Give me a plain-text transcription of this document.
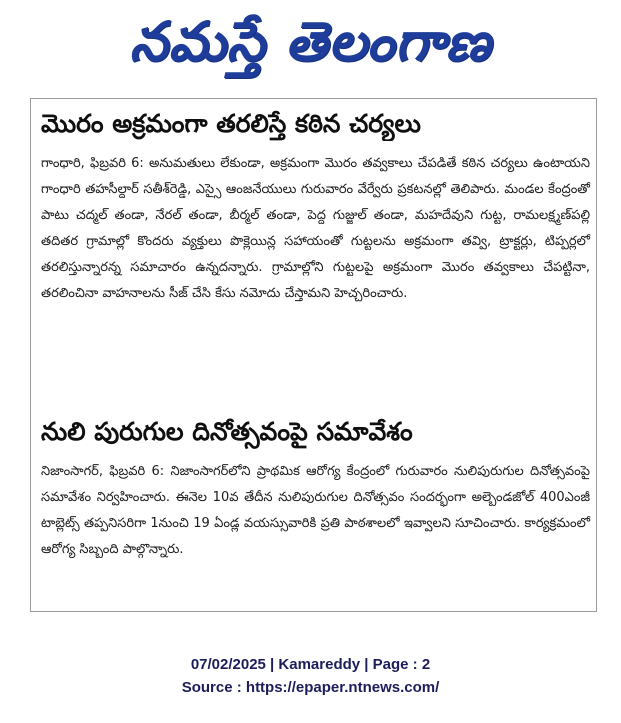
నమస్తే తెలంగాణ
మొరం అక్రమంగా తరలిస్తే కఠిన చర్యలు

గాంధారి, ఫిబ్రవరి 6: అనుమతులు లేకుండా, అక్రమంగా మొరం తవ్వకాలు చేపడితే కఠిన చర్యలు ఉంటాయని గాంధారి తహసీల్దార్ సతీశ్‌రెడ్డి, ఎస్సై ఆంజనేయులు గురువారం వేర్వేరు ప్రకటనల్లో తెలిపారు. మండల కేంద్రంతో పాటు చద్మల్ తండా, నేరల్ తండా, బీర్మల్ తండా, పెద్ద గుజ్జుల్ తండా, మహదేవుని గుట్ట, రామలక్ష్మణ్‌పల్లి తదితర గ్రామాల్లో కొందరు వ్యక్తులు పొక్లెయిన్ల సహాయంతో గుట్టలను అక్రమంగా తవ్వి, ట్రాక్టర్లు, టిప్పర్లలో తరలిస్తున్నారన్న సమాచారం ఉన్నదన్నారు. గ్రామాల్లోని గుట్టలపై అక్రమంగా మొరం తవ్వకాలు చేపట్టినా, తరలించినా వాహనాలను సీజ్ చేసి కేసు నమోదు చేస్తామని హెచ్చరించారు.

నులి పురుగుల దినోత్సవంపై సమావేశం

నిజాంసాగర్, ఫిబ్రవరి 6: నిజాంసాగర్‌లోని ప్రాథమిక ఆరోగ్య కేంద్రంలో గురువారం నులిపురుగుల దినోత్సవంపై సమావేశం నిర్వహించారు. ఈనెల 10వ తేదీన నులిపురుగుల దినోత్సవం సందర్భంగా అల్బెండజోల్ 400ఎంజీ టాబ్లెట్స్ తప్పనిసరిగా 1నుంచి 19 ఏండ్ల వయస్సువారికి ప్రతి పాఠశాలలో ఇవ్వాలని సూచించారు. కార్యక్రమంలో ఆరోగ్య సిబ్బంది పాల్గొన్నారు.

07/02/2025 | Kamareddy | Page : 2
Source : https://epaper.ntnews.com/
